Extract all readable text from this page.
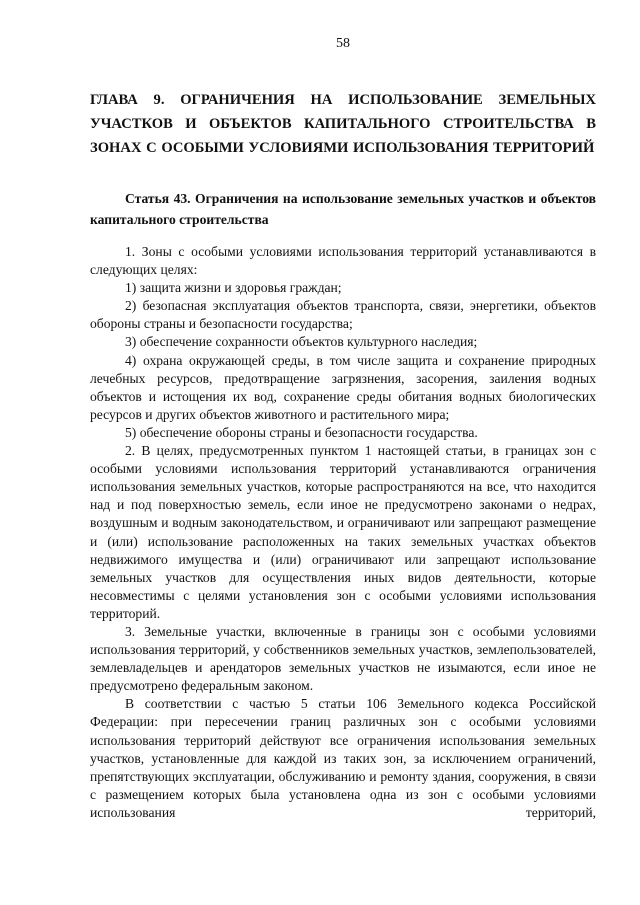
58
ГЛАВА 9. ОГРАНИЧЕНИЯ НА ИСПОЛЬЗОВАНИЕ ЗЕМЕЛЬНЫХ УЧАСТКОВ И ОБЪЕКТОВ КАПИТАЛЬНОГО СТРОИТЕЛЬСТВА В ЗОНАХ С ОСОБЫМИ УСЛОВИЯМИ ИСПОЛЬЗОВАНИЯ ТЕРРИТОРИЙ
Статья 43. Ограничения на использование земельных участков и объектов капитального строительства

1. Зоны с особыми условиями использования территорий устанавливаются в следующих целях:

1) защита жизни и здоровья граждан;

2) безопасная эксплуатация объектов транспорта, связи, энергетики, объектов обороны страны и безопасности государства;

3) обеспечение сохранности объектов культурного наследия;

4) охрана окружающей среды, в том числе защита и сохранение природных лечебных ресурсов, предотвращение загрязнения, засорения, заиления водных объектов и истощения их вод, сохранение среды обитания водных биологических ресурсов и других объектов животного и растительного мира;

5) обеспечение обороны страны и безопасности государства.

2. В целях, предусмотренных пунктом 1 настоящей статьи, в границах зон с особыми условиями использования территорий устанавливаются ограничения использования земельных участков, которые распространяются на все, что находится над и под поверхностью земель, если иное не предусмотрено законами о недрах, воздушным и водным законодательством, и ограничивают или запрещают размещение и (или) использование расположенных на таких земельных участках объектов недвижимого имущества и (или) ограничивают или запрещают использование земельных участков для осуществления иных видов деятельности, которые несовместимы с целями установления зон с особыми условиями использования территорий.

3. Земельные участки, включенные в границы зон с особыми условиями использования территорий, у собственников земельных участков, землепользователей, землевладельцев и арендаторов земельных участков не изымаются, если иное не предусмотрено федеральным законом.

В соответствии с частью 5 статьи 106 Земельного кодекса Российской Федерации: при пересечении границ различных зон с особыми условиями использования территорий действуют все ограничения использования земельных участков, установленные для каждой из таких зон, за исключением ограничений, препятствующих эксплуатации, обслуживанию и ремонту здания, сооружения, в связи с размещением которых была установлена одна из зон с особыми условиями использования территорий,
